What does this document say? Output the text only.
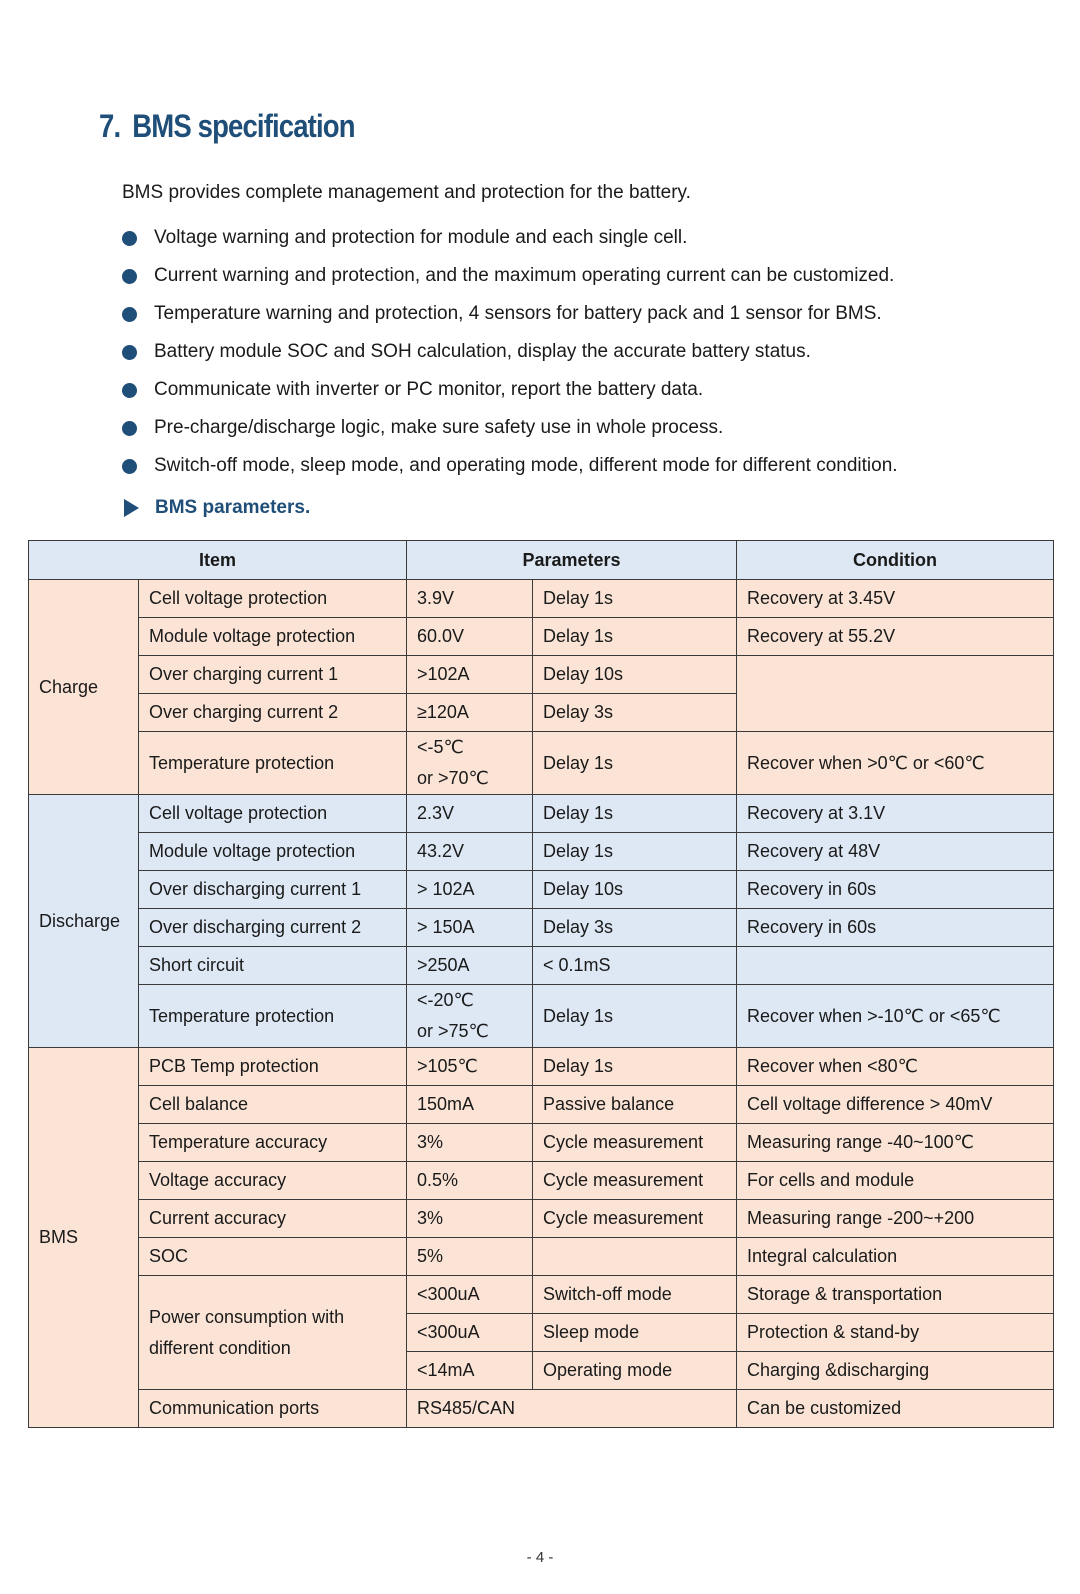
7. BMS specification
BMS provides complete management and protection for the battery.
Voltage warning and protection for module and each single cell.
Current warning and protection, and the maximum operating current can be customized.
Temperature warning and protection, 4 sensors for battery pack and 1 sensor for BMS.
Battery module SOC and SOH calculation, display the accurate battery status.
Communicate with inverter or PC monitor, report the battery data.
Pre-charge/discharge logic, make sure safety use in whole process.
Switch-off mode, sleep mode, and operating mode, different mode for different condition.
BMS parameters.
Item		Parameters		Condition
Charge	Cell voltage protection	3.9V	Delay 1s	Recovery at 3.45V
	Module voltage protection	60.0V	Delay 1s	Recovery at 55.2V
	Over charging current 1	>102A	Delay 10s	
	Over charging current 2	≥120A	Delay 3s	
	Temperature protection	<-5℃
or >70℃	Delay 1s	Recover when >0℃ or <60℃
Discharge	Cell voltage protection	2.3V	Delay 1s	Recovery at 3.1V
	Module voltage protection	43.2V	Delay 1s	Recovery at 48V
	Over discharging current 1	> 102A	Delay 10s	Recovery in 60s
	Over discharging current 2	> 150A	Delay 3s	Recovery in 60s
	Short circuit	>250A	< 0.1mS	
	Temperature protection	<-20℃
or >75℃	Delay 1s	Recover when >-10℃ or <65℃
BMS	PCB Temp protection	>105℃	Delay 1s	Recover when <80℃
	Cell balance	150mA	Passive balance	Cell voltage difference > 40mV
	Temperature accuracy	3%	Cycle measurement	Measuring range -40~100℃
	Voltage accuracy	0.5%	Cycle measurement	For cells and module
	Current accuracy	3%	Cycle measurement	Measuring range -200~+200
	SOC	5%		Integral calculation

	Power consumption with
different condition	<300uA	Switch-off mode	Storage & transportation
		<300uA	Sleep mode	Protection & stand-by
		<14mA	Operating mode	Charging &discharging
	Communication ports	RS485/CAN		Can be customized
- 4 -
